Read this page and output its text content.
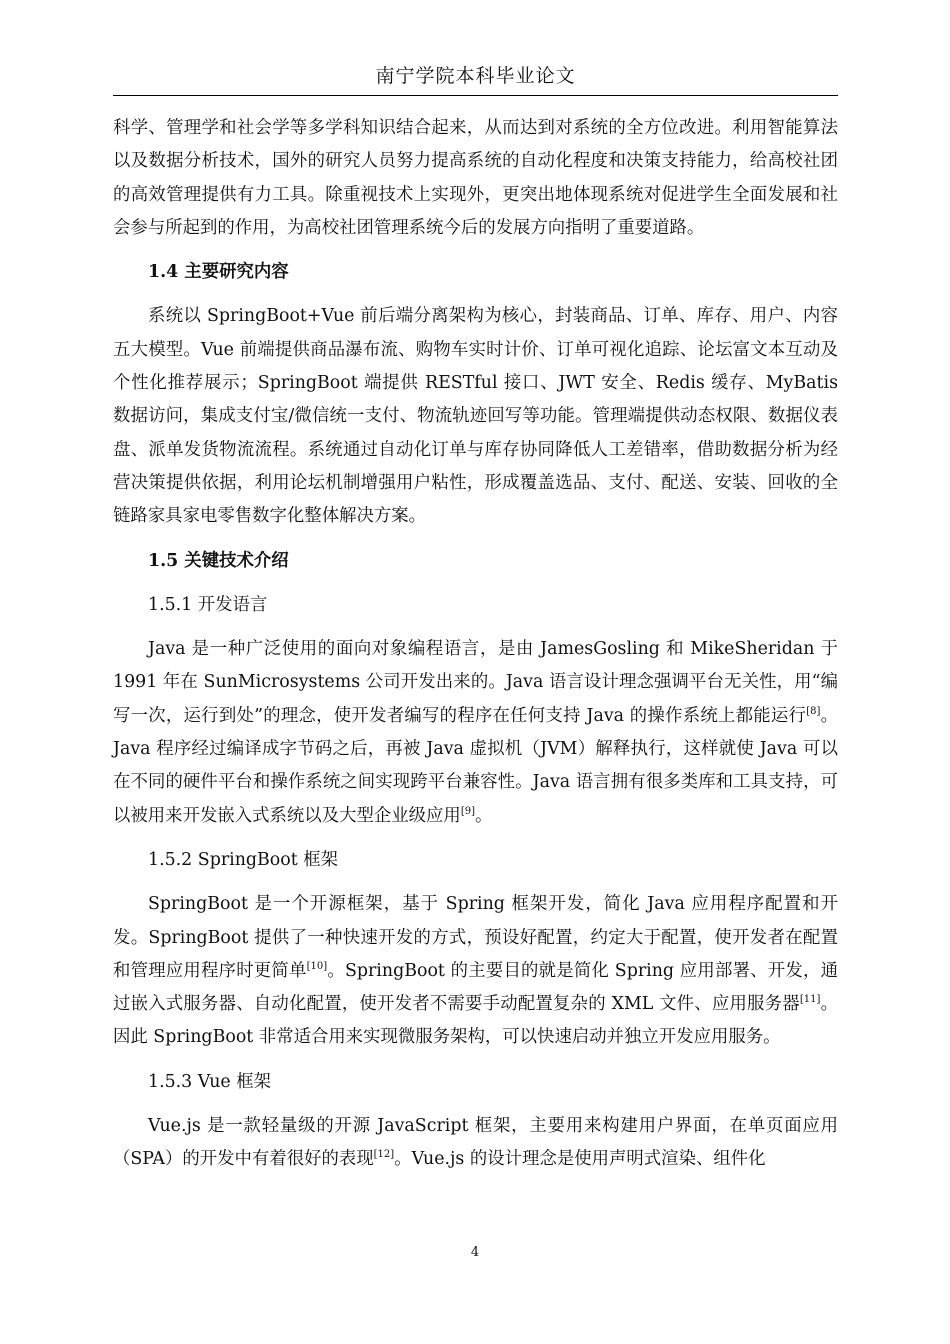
南宁学院本科毕业论文

科学、管理学和社会学等多学科知识结合起来，从而达到对系统的全方位改进。利用智能算法以及数据分析技术，国外的研究人员努力提高系统的自动化程度和决策支持能力，给高校社团的高效管理提供有力工具。除重视技术上实现外，更突出地体现系统对促进学生全面发展和社会参与所起到的作用，为高校社团管理系统今后的发展方向指明了重要道路。

1.4 主要研究内容

系统以 SpringBoot+Vue 前后端分离架构为核心，封装商品、订单、库存、用户、内容五大模型。Vue 前端提供商品瀑布流、购物车实时计价、订单可视化追踪、论坛富文本互动及个性化推荐展示；SpringBoot 端提供 RESTful 接口、JWT 安全、Redis 缓存、MyBatis 数据访问，集成支付宝/微信统一支付、物流轨迹回写等功能。管理端提供动态权限、数据仪表盘、派单发货物流流程。系统通过自动化订单与库存协同降低人工差错率，借助数据分析为经营决策提供依据，利用论坛机制增强用户粘性，形成覆盖选品、支付、配送、安装、回收的全链路家具家电零售数字化整体解决方案。

1.5 关键技术介绍

1.5.1 开发语言

Java 是一种广泛使用的面向对象编程语言，是由 JamesGosling 和 MikeSheridan 于 1991 年在 SunMicrosystems 公司开发出来的。Java 语言设计理念强调平台无关性，用“编写一次，运行到处”的理念，使开发者编写的程序在任何支持 Java 的操作系统上都能运行[8]。Java 程序经过编译成字节码之后，再被 Java 虚拟机（JVM）解释执行，这样就使 Java 可以在不同的硬件平台和操作系统之间实现跨平台兼容性。Java 语言拥有很多类库和工具支持，可以被用来开发嵌入式系统以及大型企业级应用[9]。

1.5.2 SpringBoot 框架

SpringBoot 是一个开源框架，基于 Spring 框架开发，简化 Java 应用程序配置和开发。SpringBoot 提供了一种快速开发的方式，预设好配置，约定大于配置，使开发者在配置和管理应用程序时更简单[10]。SpringBoot 的主要目的就是简化 Spring 应用部署、开发，通过嵌入式服务器、自动化配置，使开发者不需要手动配置复杂的 XML 文件、应用服务器[11]。因此 SpringBoot 非常适合用来实现微服务架构，可以快速启动并独立开发应用服务。

1.5.3 Vue 框架

Vue.js 是一款轻量级的开源 JavaScript 框架，主要用来构建用户界面，在单页面应用（SPA）的开发中有着很好的表现[12]。Vue.js 的设计理念是使用声明式渲染、组件化

4
